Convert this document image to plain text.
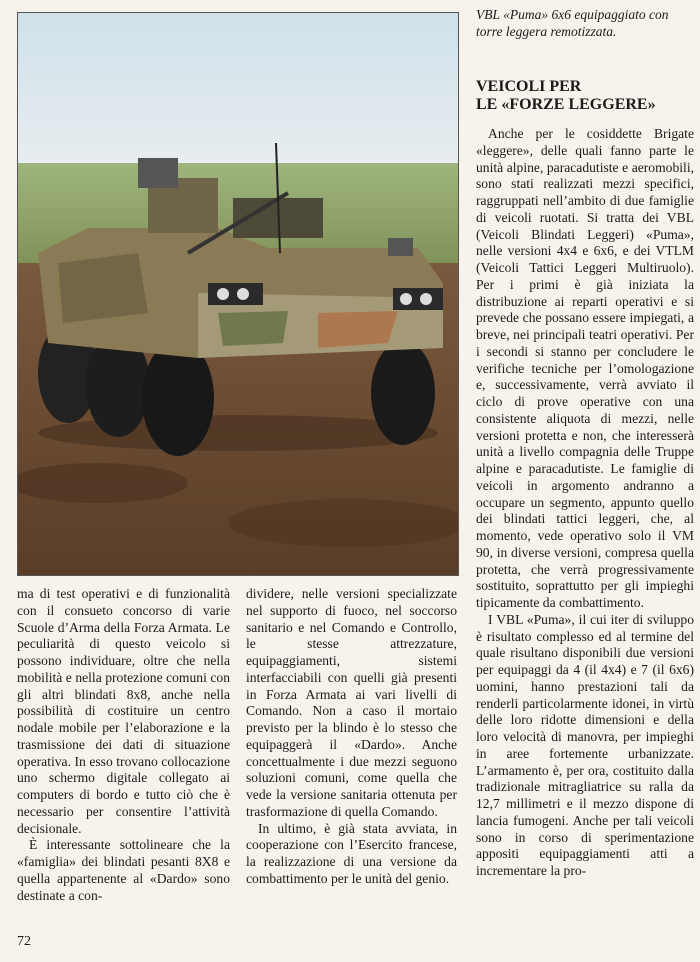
VBL «Puma» 6x6 equipaggiato con torre leggera remotizzata.

ma di test operativi e di funzionalità con il consueto concorso di varie Scuole d’Arma della Forza Armata. Le peculiarità di questo veicolo si possono individuare, oltre che nella mobilità e nella protezione comuni con gli altri blindati 8x8, anche nella possibilità di costituire un centro nodale mobile per l’elaborazione e la trasmissione dei dati di situazione operativa. In esso trovano collocazione uno schermo digitale collegato ai computers di bordo e tutto ciò che è necessario per consentire l’attività decisionale.

È interessante sottolineare che la «famiglia» dei blindati pesanti 8X8 e quella appartenente al «Dardo» sono destinate a con-

dividere, nelle versioni specializzate nel supporto di fuoco, nel soccorso sanitario e nel Comando e Controllo, le stesse attrezzature, equipaggiamenti, sistemi interfacciabili con quelli già presenti in Forza Armata ai vari livelli di Comando. Non a caso il mortaio previsto per la blindo è lo stesso che equipaggerà il «Dardo». Anche concettualmente i due mezzi seguono soluzioni comuni, come quella che vede la versione sanitaria ottenuta per trasformazione di quella Comando.

In ultimo, è già stata avviata, in cooperazione con l’Esercito francese, la realizzazione di una versione da combattimento per le unità del genio.

VEICOLI PER
LE «FORZE LEGGERE»

Anche per le cosiddette Brigate «leggere», delle quali fanno parte le unità alpine, paracadutiste e aeromobili, sono stati realizzati mezzi specifici, raggruppati nell’ambito di due famiglie di veicoli ruotati. Si tratta dei VBL (Veicoli Blindati Leggeri) «Puma», nelle versioni 4x4 e 6x6, e dei VTLM (Veicoli Tattici Leggeri Multiruolo). Per i primi è già iniziata la distribuzione ai reparti operativi e si prevede che possano essere impiegati, a breve, nei principali teatri operativi. Per i secondi si stanno per concludere le verifiche tecniche per l’omologazione e, successivamente, verrà avviato il ciclo di prove operative con una consistente aliquota di mezzi, nelle versioni protetta e non, che interesserà unità a livello compagnia delle Truppe alpine e paracadutiste. Le famiglie di veicoli in argomento andranno a occupare un segmento, appunto quello dei blindati tattici leggeri, che, al momento, vede operativo solo il VM 90, in diverse versioni, compresa quella protetta, che verrà progressivamente sostituito, soprattutto per gli impieghi tipicamente da combattimento.

I VBL «Puma», il cui iter di sviluppo è risultato complesso ed al termine del quale risultano disponibili due versioni per equipaggi da 4 (il 4x4) e 7 (il 6x6) uomini, hanno prestazioni tali da renderli particolarmente idonei, in virtù delle loro ridotte dimensioni e della loro velocità di manovra, per impieghi in aree fortemente urbanizzate. L’armamento è, per ora, costituito dalla tradizionale mitragliatrice su ralla da 12,7 millimetri e il mezzo dispone di lancia fumogeni. Anche per tali veicoli sono in corso di sperimentazione appositi equipaggiamenti atti a incrementare la pro-

72
